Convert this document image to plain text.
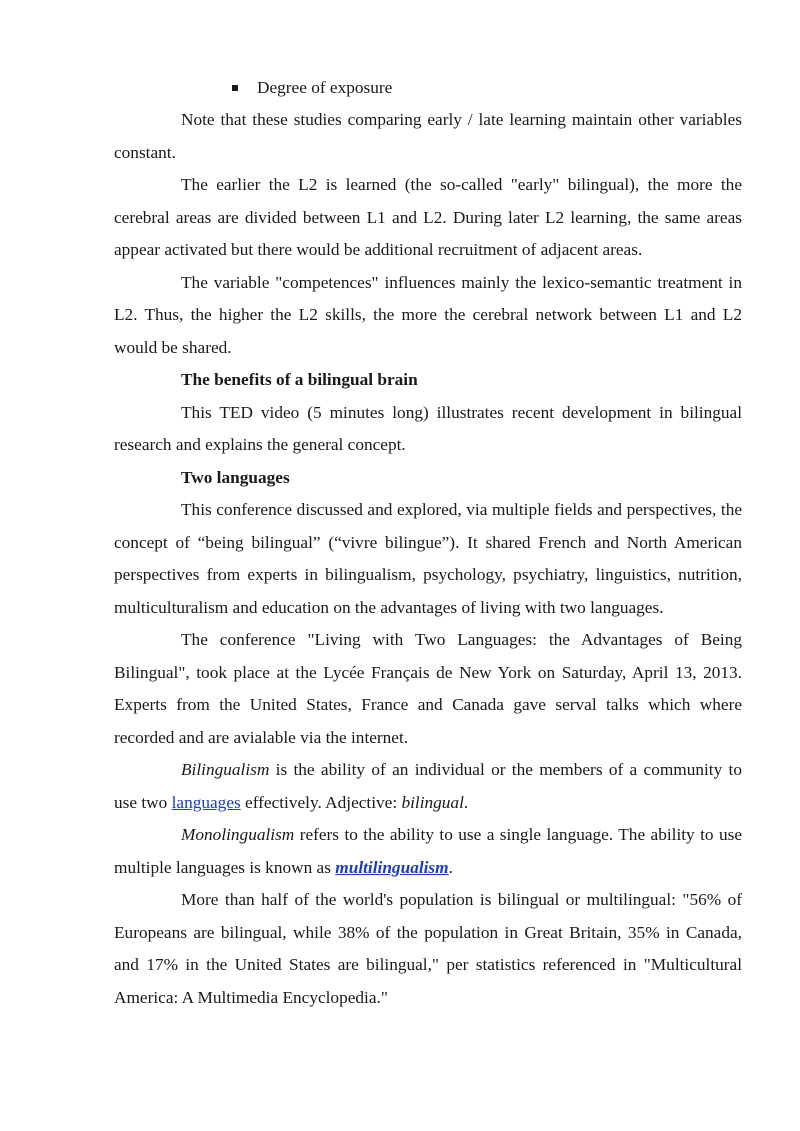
Degree of exposure

Note that these studies comparing early / late learning maintain other variables constant.

The earlier the L2 is learned (the so-called "early" bilingual), the more the cerebral areas are divided between L1 and L2. During later L2 learning, the same areas appear activated but there would be additional recruitment of adjacent areas.

The variable "competences" influences mainly the lexico-semantic treatment in L2. Thus, the higher the L2 skills, the more the cerebral network between L1 and L2 would be shared.

The benefits of a bilingual brain

This TED video (5 minutes long) illustrates recent development in bilingual research and explains the general concept.

Two languages

This conference discussed and explored, via multiple fields and perspectives, the concept of “being bilingual” (“vivre bilingue”). It shared French and North American perspectives from experts in bilingualism, psychology, psychiatry, linguistics, nutrition, multiculturalism and education on the advantages of living with two languages.

The conference "Living with Two Languages: the Advantages of Being Bilingual", took place at the Lycée Français de New York on Saturday, April 13, 2013. Experts from the United States, France and Canada gave serval talks which where recorded and are avialable via the internet.

Bilingualism is the ability of an individual or the members of a community to use two languages effectively. Adjective: bilingual.

Monolingualism refers to the ability to use a single language. The ability to use multiple languages is known as multilingualism.

More than half of the world's population is bilingual or multilingual: "56% of Europeans are bilingual, while 38% of the population in Great Britain, 35% in Canada, and 17% in the United States are bilingual," per statistics referenced in "Multicultural America: A Multimedia Encyclopedia."
